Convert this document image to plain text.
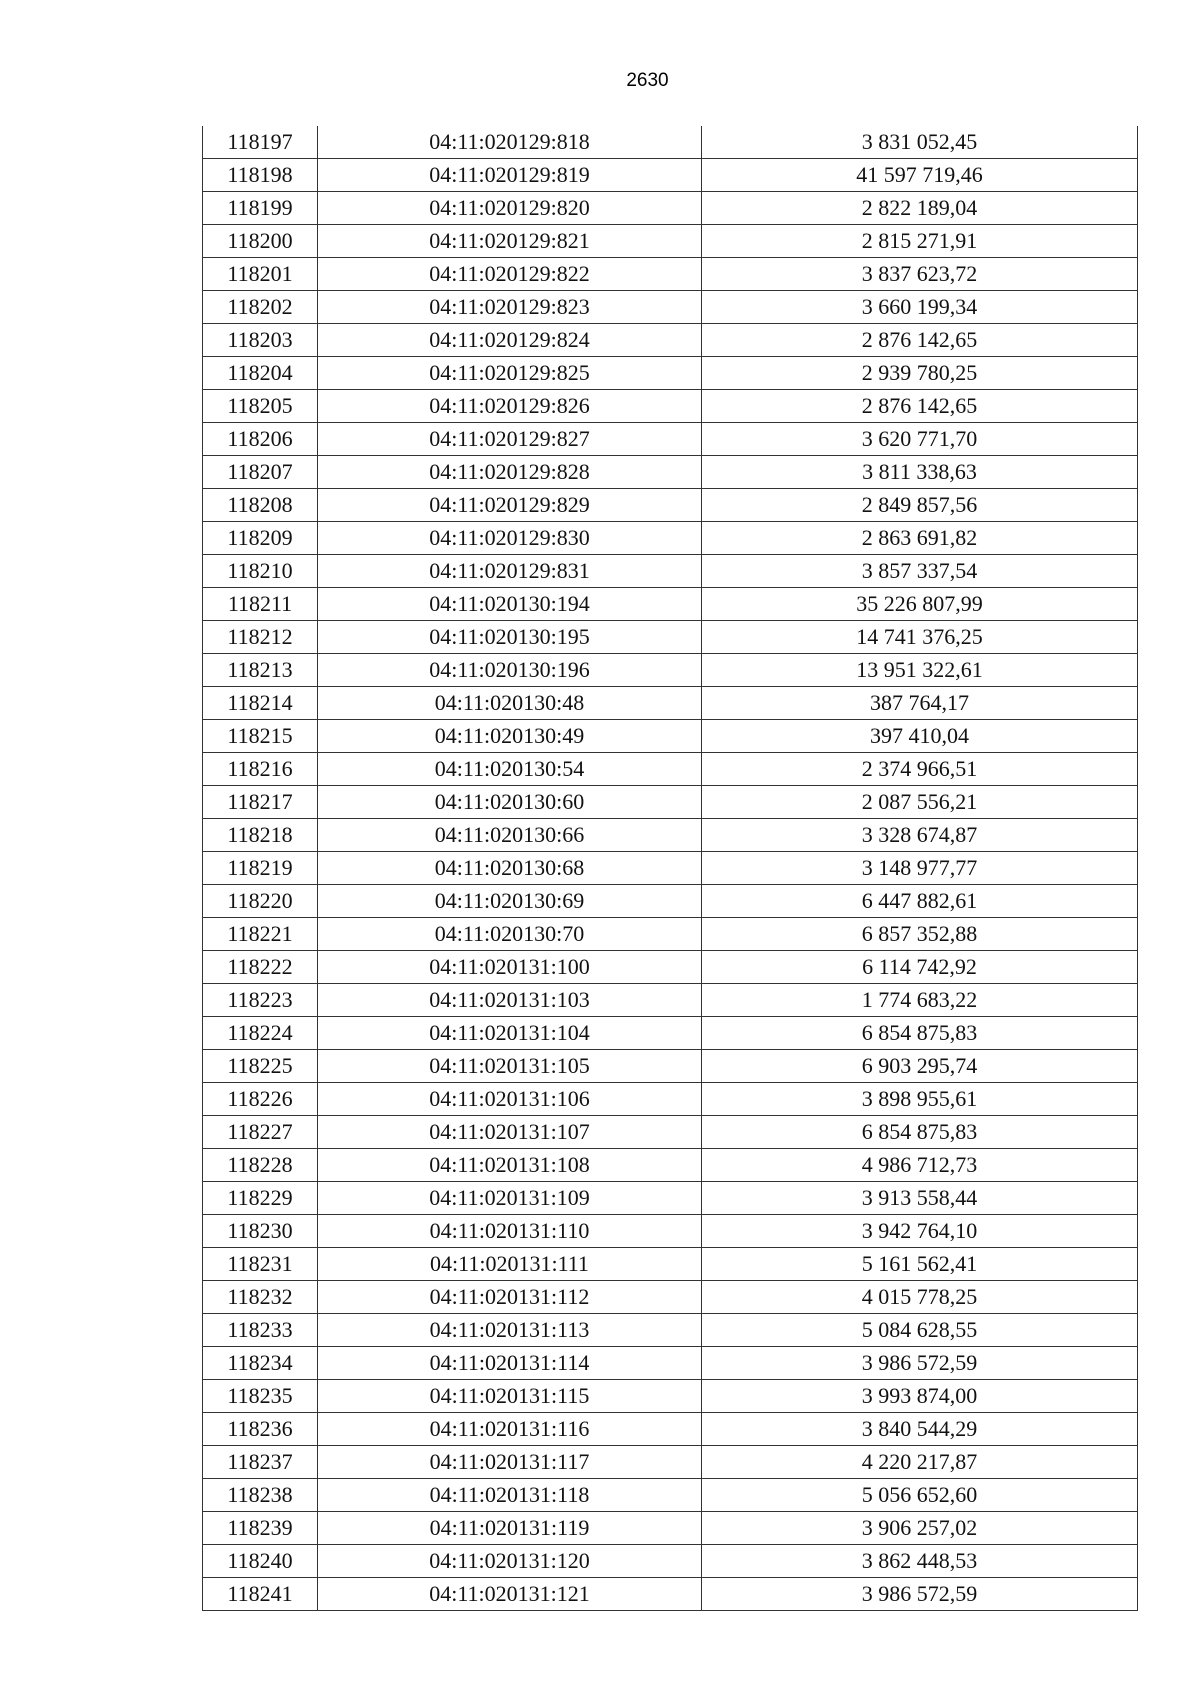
2630
118197	04:11:020129:818	3 831 052,45
118198	04:11:020129:819	41 597 719,46
118199	04:11:020129:820	2 822 189,04
118200	04:11:020129:821	2 815 271,91
118201	04:11:020129:822	3 837 623,72
118202	04:11:020129:823	3 660 199,34
118203	04:11:020129:824	2 876 142,65
118204	04:11:020129:825	2 939 780,25
118205	04:11:020129:826	2 876 142,65
118206	04:11:020129:827	3 620 771,70
118207	04:11:020129:828	3 811 338,63
118208	04:11:020129:829	2 849 857,56
118209	04:11:020129:830	2 863 691,82
118210	04:11:020129:831	3 857 337,54
118211	04:11:020130:194	35 226 807,99
118212	04:11:020130:195	14 741 376,25
118213	04:11:020130:196	13 951 322,61
118214	04:11:020130:48	387 764,17
118215	04:11:020130:49	397 410,04
118216	04:11:020130:54	2 374 966,51
118217	04:11:020130:60	2 087 556,21
118218	04:11:020130:66	3 328 674,87
118219	04:11:020130:68	3 148 977,77
118220	04:11:020130:69	6 447 882,61
118221	04:11:020130:70	6 857 352,88
118222	04:11:020131:100	6 114 742,92
118223	04:11:020131:103	1 774 683,22
118224	04:11:020131:104	6 854 875,83
118225	04:11:020131:105	6 903 295,74
118226	04:11:020131:106	3 898 955,61
118227	04:11:020131:107	6 854 875,83
118228	04:11:020131:108	4 986 712,73
118229	04:11:020131:109	3 913 558,44
118230	04:11:020131:110	3 942 764,10
118231	04:11:020131:111	5 161 562,41
118232	04:11:020131:112	4 015 778,25
118233	04:11:020131:113	5 084 628,55
118234	04:11:020131:114	3 986 572,59
118235	04:11:020131:115	3 993 874,00
118236	04:11:020131:116	3 840 544,29
118237	04:11:020131:117	4 220 217,87
118238	04:11:020131:118	5 056 652,60
118239	04:11:020131:119	3 906 257,02
118240	04:11:020131:120	3 862 448,53
118241	04:11:020131:121	3 986 572,59
